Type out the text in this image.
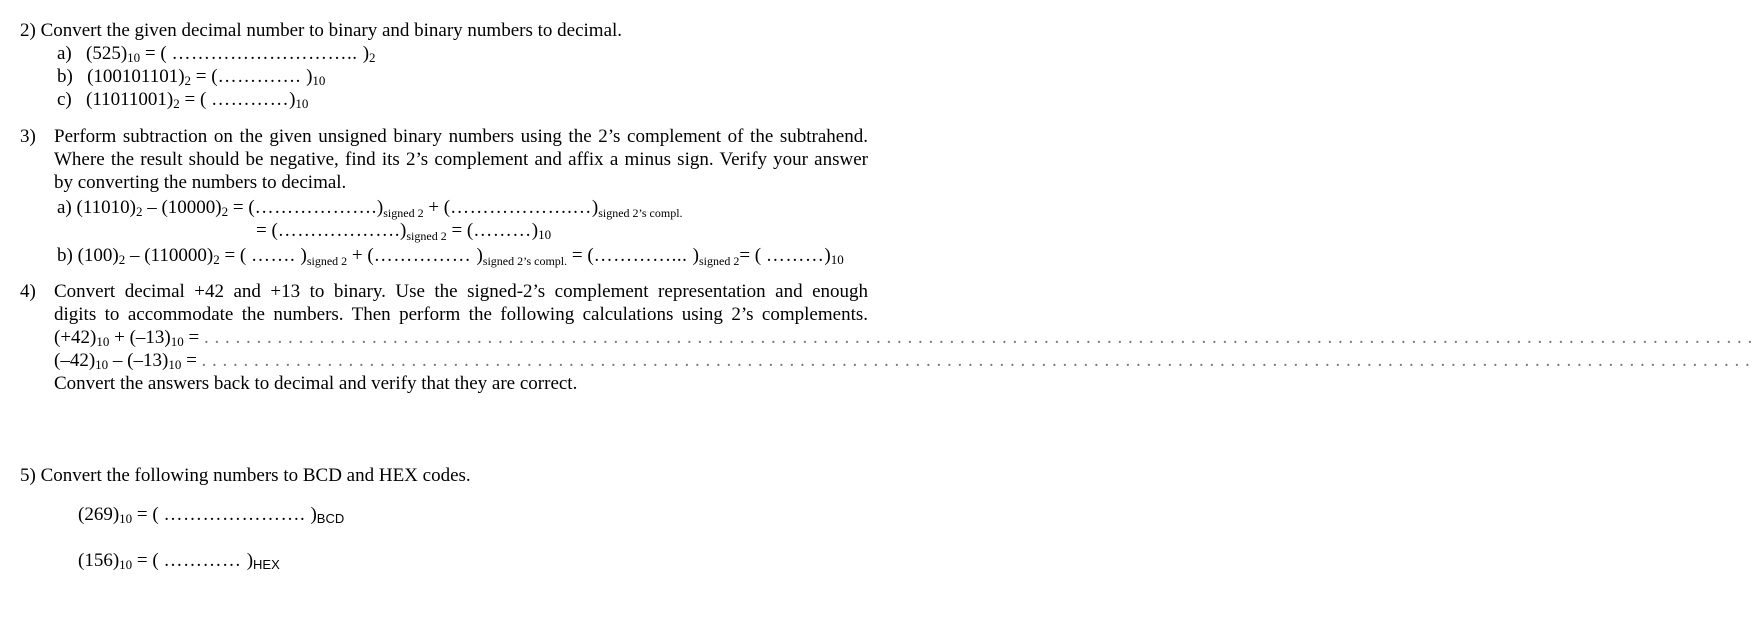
2) Convert the given decimal number to binary and binary numbers to decimal.
a) $(525)_{10}$ = ( ……………………….. )$_2$
b) $(100101101)_2$ = (…………. )$_{10}$
c) $(11011001)_2$ = ( $\dots\dots\dots\dots)_{10}$
3) Perform subtraction on the given unsigned binary numbers using the 2’s complement of the subtrahend.
Where the result should be negative, find its 2’s complement and affix a minus sign. Verify your answer
by converting the numbers to decimal.
a) $(11010)_2 - (10000)_2$ = $(\dots\dots\dots\dots\dots\dots.)_{signed 2}$ + $(\dots\dots\dots\dots\dots\dots.\dots)_{signed 2’s compl.}$
= $(\dots\dots\dots\dots\dots\dots.)_{signed 2}$ = $(\dots\dots\dots)_{10}$
b) $(100)_2 - (110000)_2$ = ( ……. )$_{signed 2}$ + (…………… )$_{signed 2’s compl.}$ = (…………... )$_{signed 2}=$ ( $\dots\dots\dots)_{10}$
4) Convert decimal +42 and +13 to binary. Use the signed-2’s complement representation and enough
digits to accommodate the numbers. Then perform the following calculations using 2’s complements.
$(+42)_{10} + (-13)_{10}$ = . . . . . . . . . . . . . . . . . . . . . . . . . . . . . . . . . . . . . . . . . . . . . . . . . . . . . . . . . . . . . . . . . . . . . . . . . . . . . . . . . . . . . . . . . . . . . . . . . . . . . . . . . . . . . . . . . . . . . . . . . . . . . . . . . . . . . . . . . . . . . . . . . . . .
$(-42)_{10} - (-13)_{10}$ = . . . . . . . . . . . . . . . . . . . . . . . . . . . . . . . . . . . . . . . . . . . . . . . . . . . . . . . . . . . . . . . . . . . . . . . . . . . . . . . . . . . . . . . . . . . . . . . . . . . . . . . . . . . . . . . . . . . . . . . . . . . . . . . . . . . . . . . . . . . . . . . . . . . .
Convert the answers back to decimal and verify that they are correct.
5) Convert the following numbers to BCD and HEX codes.
$(269)_{10}$ = ( …………………. )$_{BCD}$
$(156)_{10}$ = ( ………… )$_{HEX}$
